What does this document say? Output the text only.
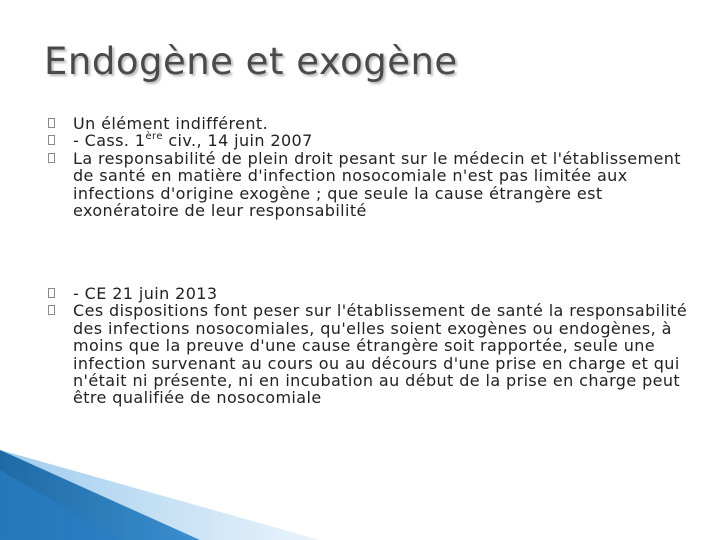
Endogène et exogène
Un élément indifférent.
- Cass. 1ère civ., 14 juin 2007
La responsabilité de plein droit pesant sur le médecin et l'établissement de santé en matière d'infection nosocomiale n'est pas limitée aux infections d'origine exogène ; que seule la cause étrangère est exonératoire de leur responsabilité
- CE 21 juin 2013
Ces dispositions font peser sur l'établissement de santé la responsabilité des infections nosocomiales, qu'elles soient exogènes ou endogènes, à moins que la preuve d'une cause étrangère soit rapportée, seule une infection survenant au cours ou au décours d'une prise en charge et qui n'était ni présente, ni en incubation au début de la prise en charge peut être qualifiée de nosocomiale
